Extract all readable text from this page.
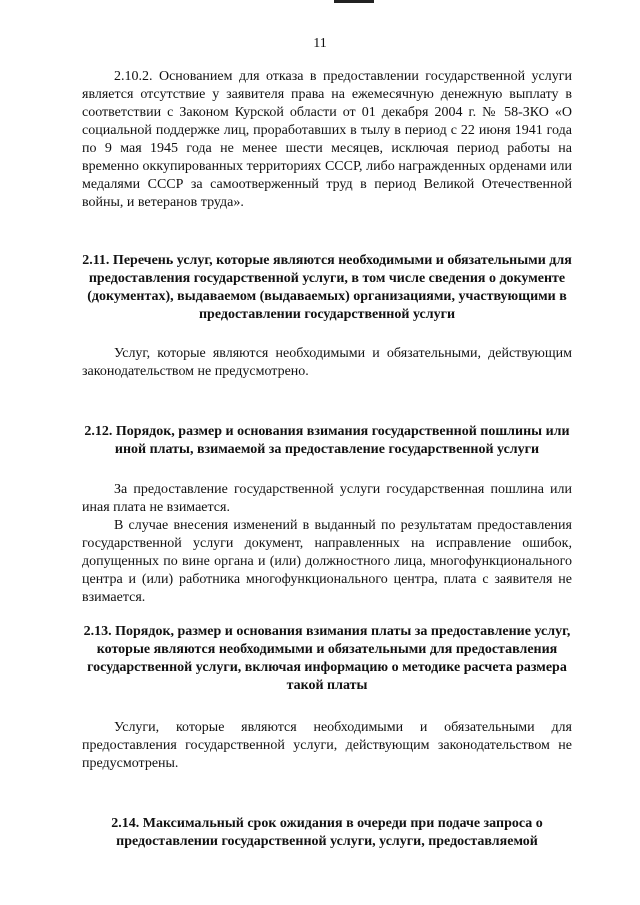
11

2.10.2. Основанием для отказа в предоставлении государственной услуги является отсутствие у заявителя права на ежемесячную денежную выплату в соответствии с Законом Курской области от 01 декабря 2004 г. № 58-ЗКО «О социальной поддержке лиц, проработавших в тылу в период с 22 июня 1941 года по 9 мая 1945 года не менее шести месяцев, исключая период работы на временно оккупированных территориях СССР, либо награжденных орденами или медалями СССР за самоотверженный труд в период Великой Отечественной войны, и ветеранов труда».

2.11. Перечень услуг, которые являются необходимыми и обязательными для предоставления государственной услуги, в том числе сведения о документе (документах), выдаваемом (выдаваемых) организациями, участвующими в предоставлении государственной услуги

Услуг, которые являются необходимыми и обязательными, действующим законодательством не предусмотрено.

2.12. Порядок, размер и основания взимания государственной пошлины или иной платы, взимаемой за предоставление государственной услуги

За предоставление государственной услуги государственная пошлина или иная плата не взимается.

В случае внесения изменений в выданный по результатам предоставления государственной услуги документ, направленных на исправление ошибок, допущенных по вине органа и (или) должностного лица, многофункционального центра и (или) работника многофункционального центра, плата с заявителя не взимается.

2.13. Порядок, размер и основания взимания платы за предоставление услуг, которые являются необходимыми и обязательными для предоставления государственной услуги, включая информацию о методике расчета размера такой платы

Услуги, которые являются необходимыми и обязательными для предоставления государственной услуги, действующим законодательством не предусмотрены.

2.14. Максимальный срок ожидания в очереди при подаче запроса о предоставлении государственной услуги, услуги, предоставляемой
